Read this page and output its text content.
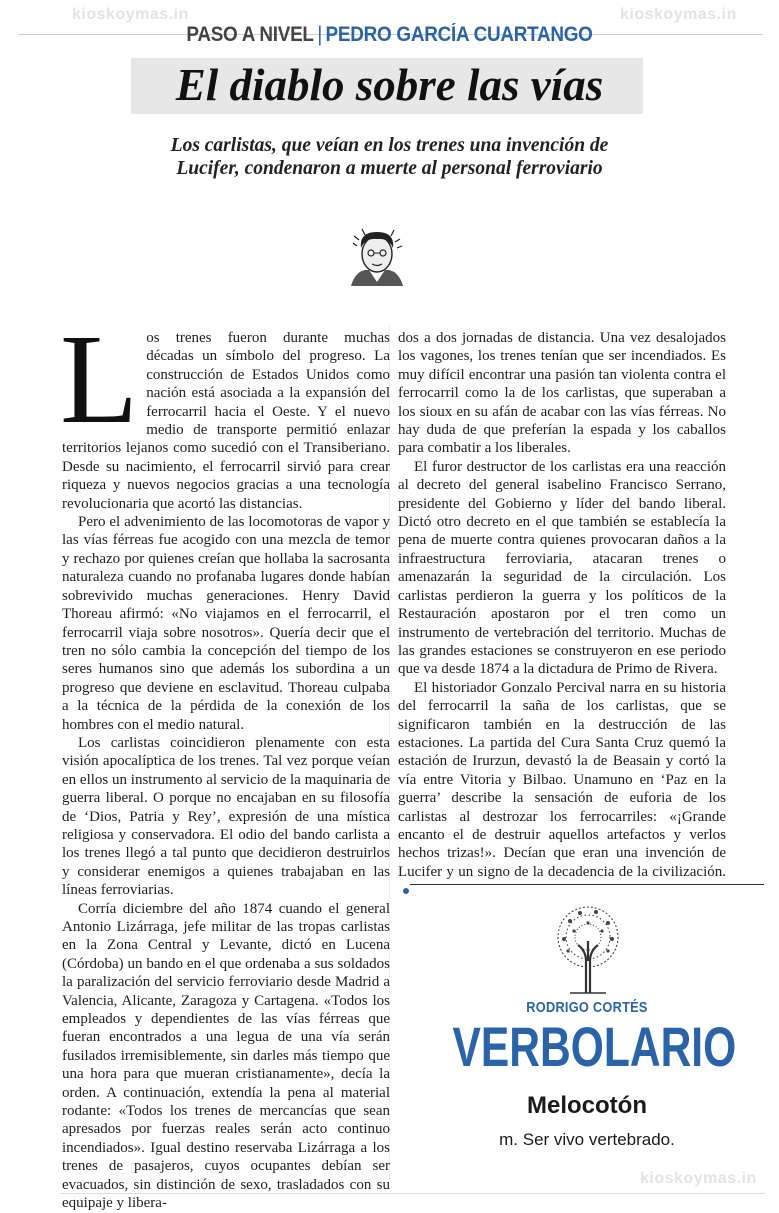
kioskoymas.in	kioskoymas.in
kioskoymas.in
PASO A NIVEL | PEDRO GARCÍA CUARTANGO
El diablo sobre las vías
Los carlistas, que veían en los trenes una invención de Lucifer, condenaron a muerte al personal ferroviario

Los trenes fueron durante muchas décadas un símbolo del progreso. La construcción de Estados Unidos como nación está asociada a la expansión del ferrocarril hacia el Oeste. Y el nuevo medio de transporte permitió enlazar territorios lejanos como sucedió con el Transiberiano. Desde su nacimiento, el ferrocarril sirvió para crear riqueza y nuevos negocios gracias a una tecnología revolucionaria que acortó las distancias.

Pero el advenimiento de las locomotoras de vapor y las vías férreas fue acogido con una mezcla de temor y rechazo por quienes creían que hollaba la sacrosanta naturaleza cuando no profanaba lugares donde habían sobrevivido muchas generaciones. Henry David Thoreau afirmó: «No viajamos en el ferrocarril, el ferrocarril viaja sobre nosotros». Quería decir que el tren no sólo cambia la concepción del tiempo de los seres humanos sino que además los subordina a un progreso que deviene en esclavitud. Thoreau culpaba a la técnica de la pérdida de la conexión de los hombres con el medio natural.

Los carlistas coincidieron plenamente con esta visión apocalíptica de los trenes. Tal vez porque veían en ellos un instrumento al servicio de la maquinaria de guerra liberal. O porque no encajaban en su filosofía de ‘Dios, Patria y Rey’, expresión de una mística religiosa y conservadora. El odio del bando carlista a los trenes llegó a tal punto que decidieron destruirlos y considerar enemigos a quienes trabajaban en las líneas ferroviarias.

Corría diciembre del año 1874 cuando el general Antonio Lizárraga, jefe militar de las tropas carlistas en la Zona Central y Levante, dictó en Lucena (Córdoba) un bando en el que ordenaba a sus soldados la paralización del servicio ferroviario desde Madrid a Valencia, Alicante, Zaragoza y Cartagena. «Todos los empleados y dependientes de las vías férreas que fueran encontrados a una legua de una vía serán fusilados irremisiblemente, sin darles más tiempo que una hora para que mueran cristianamente», decía la orden. A continuación, extendía la pena al material rodante: «Todos los trenes de mercancías que sean apresados por fuerzas reales serán acto continuo incendiados». Igual destino reservaba Lizárraga a los trenes de pasajeros, cuyos ocupantes debían ser evacuados, sin distinción de sexo, trasladados con su equipaje y libera-

dos a dos jornadas de distancia. Una vez desalojados los vagones, los trenes tenían que ser incendiados. Es muy difícil encontrar una pasión tan violenta contra el ferrocarril como la de los carlistas, que superaban a los sioux en su afán de acabar con las vías férreas. No hay duda de que preferían la espada y los caballos para combatir a los liberales.

El furor destructor de los carlistas era una reacción al decreto del general isabelino Francisco Serrano, presidente del Gobierno y líder del bando liberal. Dictó otro decreto en el que también se establecía la pena de muerte contra quienes provocaran daños a la infraestructura ferroviaria, atacaran trenes o amenazarán la seguridad de la circulación. Los carlistas perdieron la guerra y los políticos de la Restauración apostaron por el tren como un instrumento de vertebración del territorio. Muchas de las grandes estaciones se construyeron en ese periodo que va desde 1874 a la dictadura de Primo de Rivera.

El historiador Gonzalo Percival narra en su historia del ferrocarril la saña de los carlistas, que se significaron también en la destrucción de las estaciones. La partida del Cura Santa Cruz quemó la estación de Irurzun, devastó la de Beasain y cortó la vía entre Vitoria y Bilbao. Unamuno en ‘Paz en la guerra’ describe la sensación de euforia de los carlistas al destrozar los ferrocarriles: «¡Grande encanto el de destruir aquellos artefactos y verlos hechos trizas!». Decían que eran una invención de Lucifer y un signo de la decadencia de la civilización.

RODRIGO CORTÉS
VERBOLARIO
Melocotón
m. Ser vivo vertebrado.
